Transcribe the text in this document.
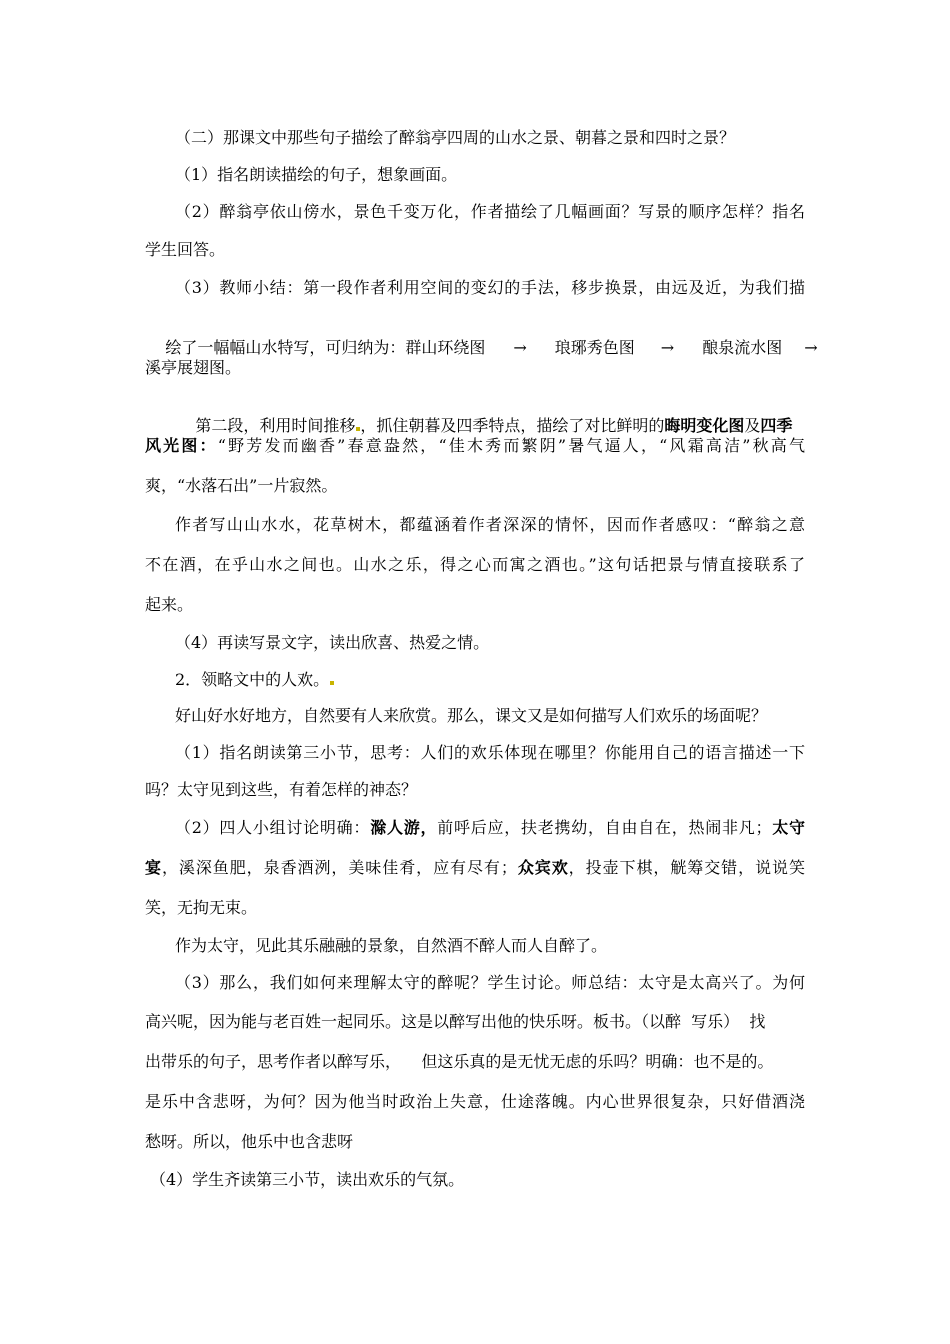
（二）那课文中那些句子描绘了醉翁亭四周的山水之景、朝暮之景和四时之景？
（1）指名朗读描绘的句子，想象画面。
（2）醉翁亭依山傍水，景色千变万化，作者描绘了几幅画面？写景的顺序怎样？指名
学生回答。
（3）教师小结：第一段作者利用空间的变幻的手法，移步换景，由远及近，为我们描

绘了一幅幅山水特写，可归纳为：群山环绕图 → 琅琊秀色图 → 酿泉流水图 →

溪亭展翅图。

第二段，利用时间推移 ，抓住朝暮及四季特点，描绘了对比鲜明的晦明变化图及四季

风光图：“野芳发而幽香”春意盎然，“佳木秀而繁阴”暑气逼人，“风霜高洁”秋高气
爽，“水落石出”一片寂然。
作者写山山水水，花草树木，都蕴涵着作者深深的情怀，因而作者感叹：“醉翁之意
不在酒，在乎山水之间也。山水之乐，得之心而寓之酒也。”这句话把景与情直接联系了
起来。
（4）再读写景文字，读出欣喜、热爱之情。
2．领略文中的人欢。
好山好水好地方，自然要有人来欣赏。那么，课文又是如何描写人们欢乐的场面呢？
（1）指名朗读第三小节，思考：人们的欢乐体现在哪里？你能用自己的语言描述一下
吗？太守见到这些，有着怎样的神态？
（2）四人小组讨论明确：滁人游，前呼后应，扶老携幼，自由自在，热闹非凡；太守
宴，溪深鱼肥，泉香酒洌，美味佳肴，应有尽有；众宾欢，投壶下棋，觥筹交错，说说笑
笑，无拘无束。
作为太守，见此其乐融融的景象，自然酒不醉人而人自醉了。
（3）那么，我们如何来理解太守的醉呢？学生讨论。师总结：太守是太高兴了。为何
高兴呢，因为能与老百姓一起同乐。这是以醉写出他的快乐呀。板书。（以醉  写乐）  找
出带乐的句子，思考作者以醉写乐，    但这乐真的是无忧无虑的乐吗？明确：也不是的。
是乐中含悲呀，为何？因为他当时政治上失意，仕途落魄。内心世界很复杂，只好借酒浇
愁呀。所以，他乐中也含悲呀
（4）学生齐读第三小节，读出欢乐的气氛。
